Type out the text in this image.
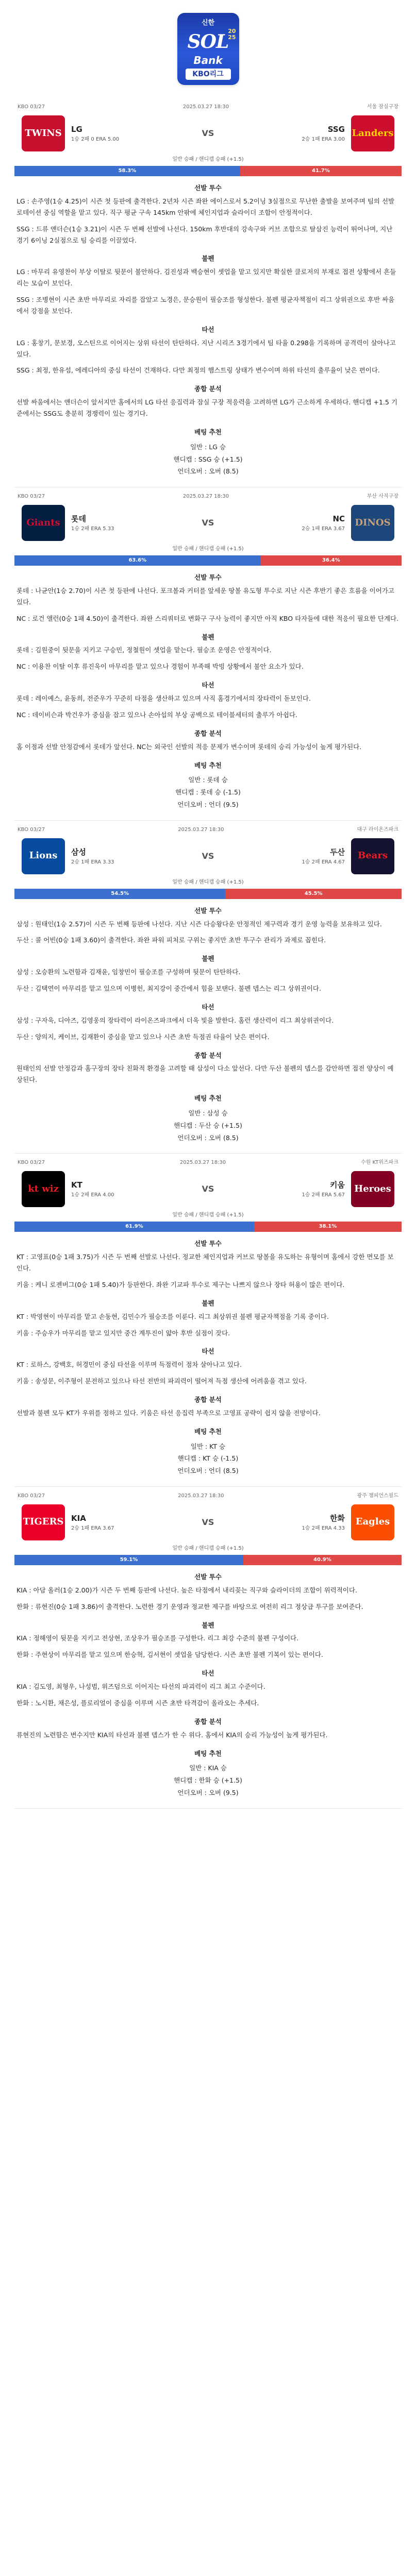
신한
SOL
20
25
Bank
KBO리그
KBO 03/27	2025.03.27 18:30	서울 잠실구장
TWINS	LG
1승 2패 0 ERA 5.00
VS	Landers
SSG
2승 1패 ERA 3.00
일반 승패 / 핸디캡 승패 (+1.5)
58.3%	41.7%
선발 투수

LG : 손주영(1승 4.25)이 시즌 첫 등판에 출격한다. 2년차 시즌 좌완 에이스로서 5.2이닝 3실점으로 무난한 출발을 보여주며 팀의 선발 로테이션 중심 역할을 맡고 있다. 직구 평균 구속 145km 안팎에 체인지업과 슬라이더 조합이 안정적이다.

SSG : 드류 앤더슨(1승 3.21)이 시즌 두 번째 선발에 나선다. 150km 후반대의 강속구와 커브 조합으로 탈삼진 능력이 뛰어나며, 지난 경기 6이닝 2실점으로 팀 승리를 이끌었다.

불펜

LG : 마무리 유영찬이 부상 이탈로 뒷문이 불안하다. 김진성과 백승현이 셋업을 맡고 있지만 확실한 클로저의 부재로 접전 상황에서 흔들리는 모습이 보인다.

SSG : 조병현이 시즌 초반 마무리로 자리를 잡았고 노경은, 문승원이 필승조를 형성한다. 불펜 평균자책점이 리그 상위권으로 후반 싸움에서 강점을 보인다.

타선

LG : 홍창기, 문보경, 오스틴으로 이어지는 상위 타선이 탄탄하다. 지난 시리즈 3경기에서 팀 타율 0.298을 기록하며 공격력이 살아나고 있다.

SSG : 최정, 한유섬, 에레디아의 중심 타선이 건재하다. 다만 최정의 햄스트링 상태가 변수이며 하위 타선의 출루율이 낮은 편이다.

종합 분석

선발 싸움에서는 앤더슨이 앞서지만 홈에서의 LG 타선 응집력과 잠실 구장 적응력을 고려하면 LG가 근소하게 우세하다. 핸디캡 +1.5 기준에서는 SSG도 충분히 경쟁력이 있는 경기다.

베팅 추천
일반 : LG 승
핸디캡 : SSG 승 (+1.5)
언더오버 : 오버 (8.5)
KBO 03/27	2025.03.27 18:30	부산 사직구장
Giants	롯데
1승 2패 ERA 5.33
VS	DINOS
NC
2승 1패 ERA 3.67
일반 승패 / 핸디캡 승패 (+1.5)
63.6%	36.4%
선발 투수

롯데 : 나균안(1승 2.70)이 시즌 첫 등판에 나선다. 포크볼과 커터를 앞세운 땅볼 유도형 투수로 지난 시즌 후반기 좋은 흐름을 이어가고 있다.

NC : 로건 앨런(0승 1패 4.50)이 출격한다. 좌완 스리쿼터로 변화구 구사 능력이 좋지만 아직 KBO 타자들에 대한 적응이 필요한 단계다.

불펜

롯데 : 김원중이 뒷문을 지키고 구승민, 정철원이 셋업을 맡는다. 필승조 운영은 안정적이다.

NC : 이용찬 이탈 이후 류진욱이 마무리를 맡고 있으나 경험이 부족해 박빙 상황에서 불안 요소가 있다.

타선

롯데 : 레이예스, 윤동희, 전준우가 꾸준히 타점을 생산하고 있으며 사직 홈경기에서의 장타력이 돋보인다.

NC : 데이비슨과 박건우가 중심을 잡고 있으나 손아섭의 부상 공백으로 테이블세터의 출루가 아쉽다.

종합 분석

홈 이점과 선발 안정감에서 롯데가 앞선다. NC는 외국인 선발의 적응 문제가 변수이며 롯데의 승리 가능성이 높게 평가된다.

베팅 추천
일반 : 롯데 승
핸디캡 : 롯데 승 (-1.5)
언더오버 : 언더 (9.5)
KBO 03/27	2025.03.27 18:30	대구 라이온즈파크
Lions	삼성
2승 1패 ERA 3.33
VS	Bears
두산
1승 2패 ERA 4.67
일반 승패 / 핸디캡 승패 (+1.5)
54.5%	45.5%
선발 투수

삼성 : 원태인(1승 2.57)이 시즌 두 번째 등판에 나선다. 지난 시즌 다승왕다운 안정적인 제구력과 경기 운영 능력을 보유하고 있다.

두산 : 콜 어빈(0승 1패 3.60)이 출격한다. 좌완 파워 피처로 구위는 좋지만 초반 투구수 관리가 과제로 꼽힌다.

불펜

삼성 : 오승환의 노련함과 김재윤, 임창민이 필승조를 구성하며 뒷문이 탄탄하다.

두산 : 김택연이 마무리를 맡고 있으며 이병헌, 최지강이 중간에서 힘을 보탠다. 불펜 뎁스는 리그 상위권이다.

타선

삼성 : 구자욱, 디아즈, 김영웅의 장타력이 라이온즈파크에서 더욱 빛을 발한다. 홈런 생산력이 리그 최상위권이다.

두산 : 양의지, 케이브, 김재환이 중심을 맡고 있으나 시즌 초반 득점권 타율이 낮은 편이다.

종합 분석

원태인의 선발 안정감과 홈구장의 장타 친화적 환경을 고려할 때 삼성이 다소 앞선다. 다만 두산 불펜의 뎁스를 감안하면 접전 양상이 예상된다.

베팅 추천
일반 : 삼성 승
핸디캡 : 두산 승 (+1.5)
언더오버 : 오버 (8.5)
KBO 03/27	2025.03.27 18:30	수원 KT위즈파크
kt wiz	KT
1승 2패 ERA 4.00
VS	Heroes
키움
1승 2패 ERA 5.67
일반 승패 / 핸디캡 승패 (+1.5)
61.9%	38.1%
선발 투수

KT : 고영표(0승 1패 3.75)가 시즌 두 번째 선발로 나선다. 정교한 체인지업과 커브로 땅볼을 유도하는 유형이며 홈에서 강한 면모를 보인다.

키움 : 케니 로젠버그(0승 1패 5.40)가 등판한다. 좌완 기교파 투수로 제구는 나쁘지 않으나 장타 허용이 많은 편이다.

불펜

KT : 박영현이 마무리를 맡고 손동현, 김민수가 필승조를 이룬다. 리그 최상위권 불펜 평균자책점을 기록 중이다.

키움 : 주승우가 마무리를 맡고 있지만 중간 계투진이 얇아 후반 실점이 잦다.

타선

KT : 로하스, 강백호, 허경민이 중심 타선을 이루며 득점력이 점차 살아나고 있다.

키움 : 송성문, 이주형이 분전하고 있으나 타선 전반의 파괴력이 떨어져 득점 생산에 어려움을 겪고 있다.

종합 분석

선발과 불펜 모두 KT가 우위를 점하고 있다. 키움은 타선 응집력 부족으로 고영표 공략이 쉽지 않을 전망이다.

베팅 추천
일반 : KT 승
핸디캡 : KT 승 (-1.5)
언더오버 : 언더 (8.5)
KBO 03/27	2025.03.27 18:30	광주 챔피언스필드
TIGERS KIA
2승 1패 ERA 3.67
VS	Eagles
한화
1승 2패 ERA 4.33
일반 승패 / 핸디캡 승패 (+1.5)
59.1%	40.9%
선발 투수

KIA : 아담 올러(1승 2.00)가 시즌 두 번째 등판에 나선다. 높은 타점에서 내리꽂는 직구와 슬라이더의 조합이 위력적이다.

한화 : 류현진(0승 1패 3.86)이 출격한다. 노련한 경기 운영과 정교한 제구를 바탕으로 여전히 리그 정상급 투구를 보여준다.

불펜

KIA : 정해영이 뒷문을 지키고 전상현, 조상우가 필승조를 구성한다. 리그 최강 수준의 불펜 구성이다.

한화 : 주현상이 마무리를 맡고 있으며 한승혁, 김서현이 셋업을 담당한다. 시즌 초반 불펜 기복이 있는 편이다.

타선

KIA : 김도영, 최형우, 나성범, 위즈덤으로 이어지는 타선의 파괴력이 리그 최고 수준이다.

한화 : 노시환, 채은성, 플로리얼이 중심을 이루며 시즌 초반 타격감이 올라오는 추세다.

종합 분석

류현진의 노련함은 변수지만 KIA의 타선과 불펜 뎁스가 한 수 위다. 홈에서 KIA의 승리 가능성이 높게 평가된다.

베팅 추천
일반 : KIA 승
핸디캡 : 한화 승 (+1.5)
언더오버 : 오버 (9.5)
